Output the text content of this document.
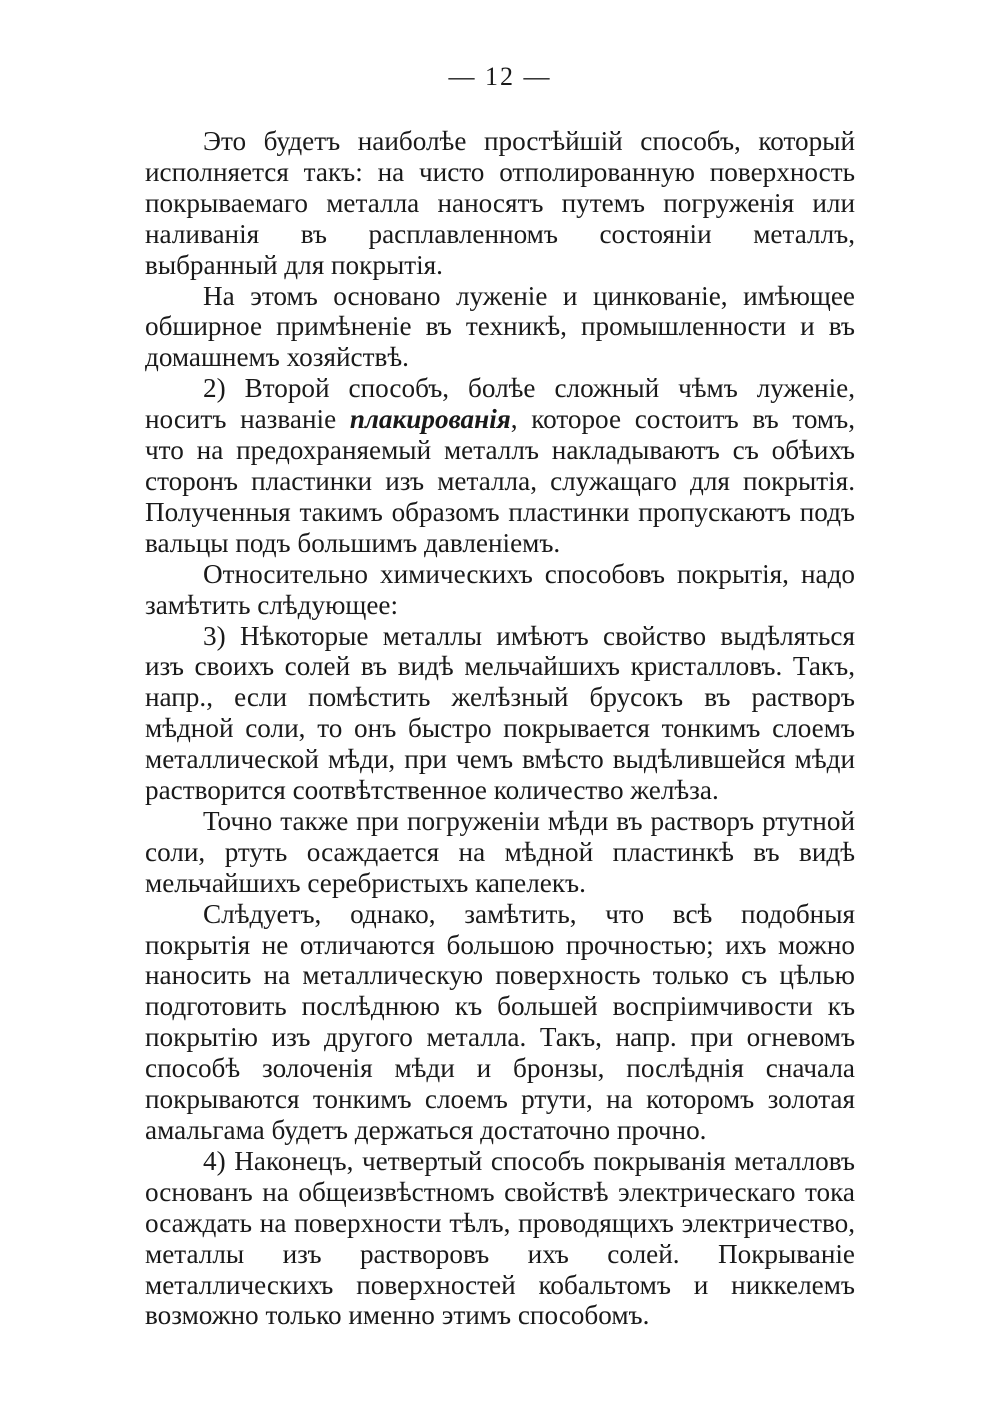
— 12 —

Это будетъ наиболѣе простѣйшій способъ, который исполняется такъ: на чисто отполированную поверхность покрываемаго металла наносятъ путемъ погруженія или наливанія въ расплавленномъ состояніи металлъ, выбранный для покрытія.

На этомъ основано луженіе и цинкованіе, имѣющее обширное примѣненіе въ техникѣ, промышленности и въ домашнемъ хозяйствѣ.

2) Второй способъ, болѣе сложный чѣмъ луженіе, носитъ названіе плакированія, которое состоитъ въ томъ, что на предохраняемый металлъ накладываютъ съ обѣихъ сторонъ пластинки изъ металла, служащаго для покрытія. Полученныя такимъ образомъ пластинки пропускаютъ подъ вальцы подъ большимъ давленіемъ.

Относительно химическихъ способовъ покрытія, надо замѣтить слѣдующее:

3) Нѣкоторые металлы имѣютъ свойство выдѣляться изъ своихъ солей въ видѣ мельчайшихъ кристалловъ. Такъ, напр., если помѣстить желѣзный брусокъ въ растворъ мѣдной соли, то онъ быстро покрывается тонкимъ слоемъ металлической мѣди, при чемъ вмѣсто выдѣлившейся мѣди растворится соотвѣтственное количество желѣза.

Точно также при погруженіи мѣди въ растворъ ртутной соли, ртуть осаждается на мѣдной пластинкѣ въ видѣ мельчайшихъ серебристыхъ капелекъ.

Слѣдуетъ, однако, замѣтить, что всѣ подобныя покрытія не отличаются большою прочностью; ихъ можно наносить на металлическую поверхность только съ цѣлью подготовить послѣднюю къ большей воспріимчивости къ покрытію изъ другого металла. Такъ, напр. при огневомъ способѣ золоченія мѣди и бронзы, послѣднія сначала покрываются тонкимъ слоемъ ртути, на которомъ золотая амальгама будетъ держаться достаточно прочно.

4) Наконецъ, четвертый способъ покрыванія металловъ основанъ на общеизвѣстномъ свойствѣ электрическаго тока осаждать на поверхности тѣлъ, проводящихъ электричество, металлы изъ растворовъ ихъ солей. Покрываніе металлическихъ поверхностей кобальтомъ и никкелемъ возможно только именно этимъ способомъ.
